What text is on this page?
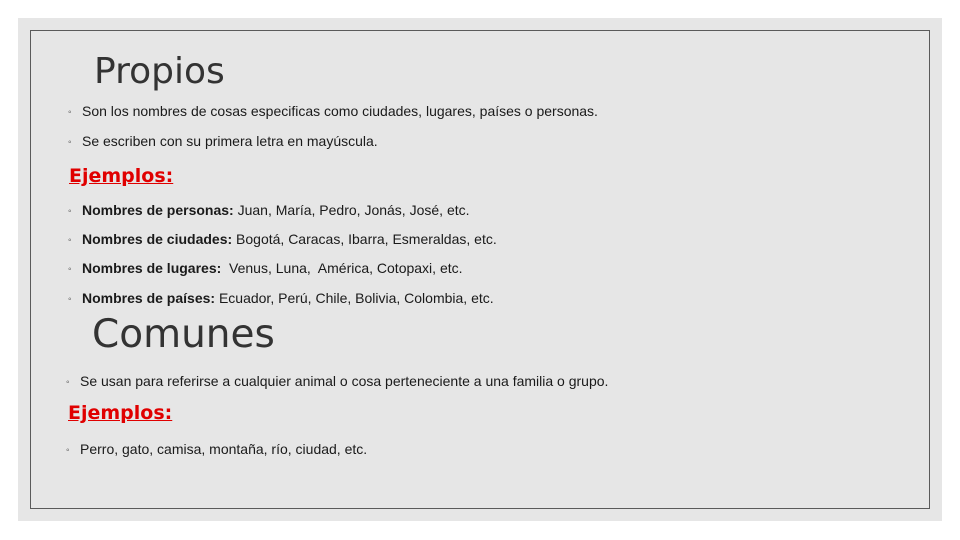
Propios
◦ Son los nombres de cosas especificas como ciudades, lugares, países o personas.
◦ Se escriben con su primera letra en mayúscula.
Ejemplos:
◦ Nombres de personas: Juan, María, Pedro, Jonás, José, etc.
◦ Nombres de ciudades: Bogotá, Caracas, Ibarra, Esmeraldas, etc.
◦ Nombres de lugares:  Venus, Luna,  América, Cotopaxi, etc.
◦ Nombres de países: Ecuador, Perú, Chile, Bolivia, Colombia, etc.
Comunes
◦ Se usan para referirse a cualquier animal o cosa perteneciente a una familia o grupo.
Ejemplos:
◦ Perro, gato, camisa, montaña, río, ciudad, etc.
